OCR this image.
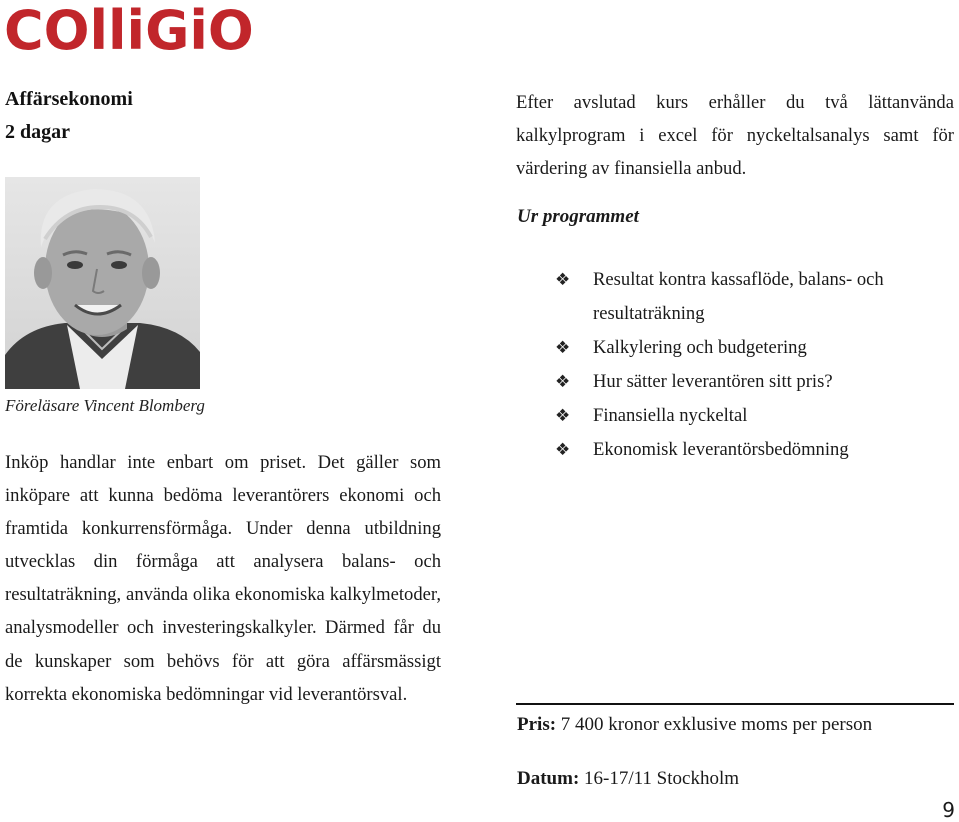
COlliGiO
Affärsekonomi
2 dagar
Föreläsare Vincent Blomberg
Inköp handlar inte enbart om priset. Det gäller som inköpare att kunna bedöma leverantörers ekonomi och framtida konkurrensförmåga. Under denna utbildning utvecklas din förmåga att analysera balans- och resultaträkning, använda olika ekonomiska kalkylmetoder, analysmodeller och investeringskalkyler. Därmed får du de kunskaper som behövs för att göra affärsmässigt korrekta ekonomiska bedömningar vid leverantörsval.
Efter avslutad kurs erhåller du två lättanvända kalkylprogram i excel för nyckeltalsanalys samt för värdering av finansiella anbud.
Ur programmet
❖ Resultat kontra kassaflöde, balans- och resultaträkning
❖ Kalkylering och budgetering
❖ Hur sätter leverantören sitt pris?
❖ Finansiella nyckeltal
❖ Ekonomisk leverantörsbedömning
Pris: 7 400 kronor exklusive moms per person
Datum: 16-17/11 Stockholm
9
